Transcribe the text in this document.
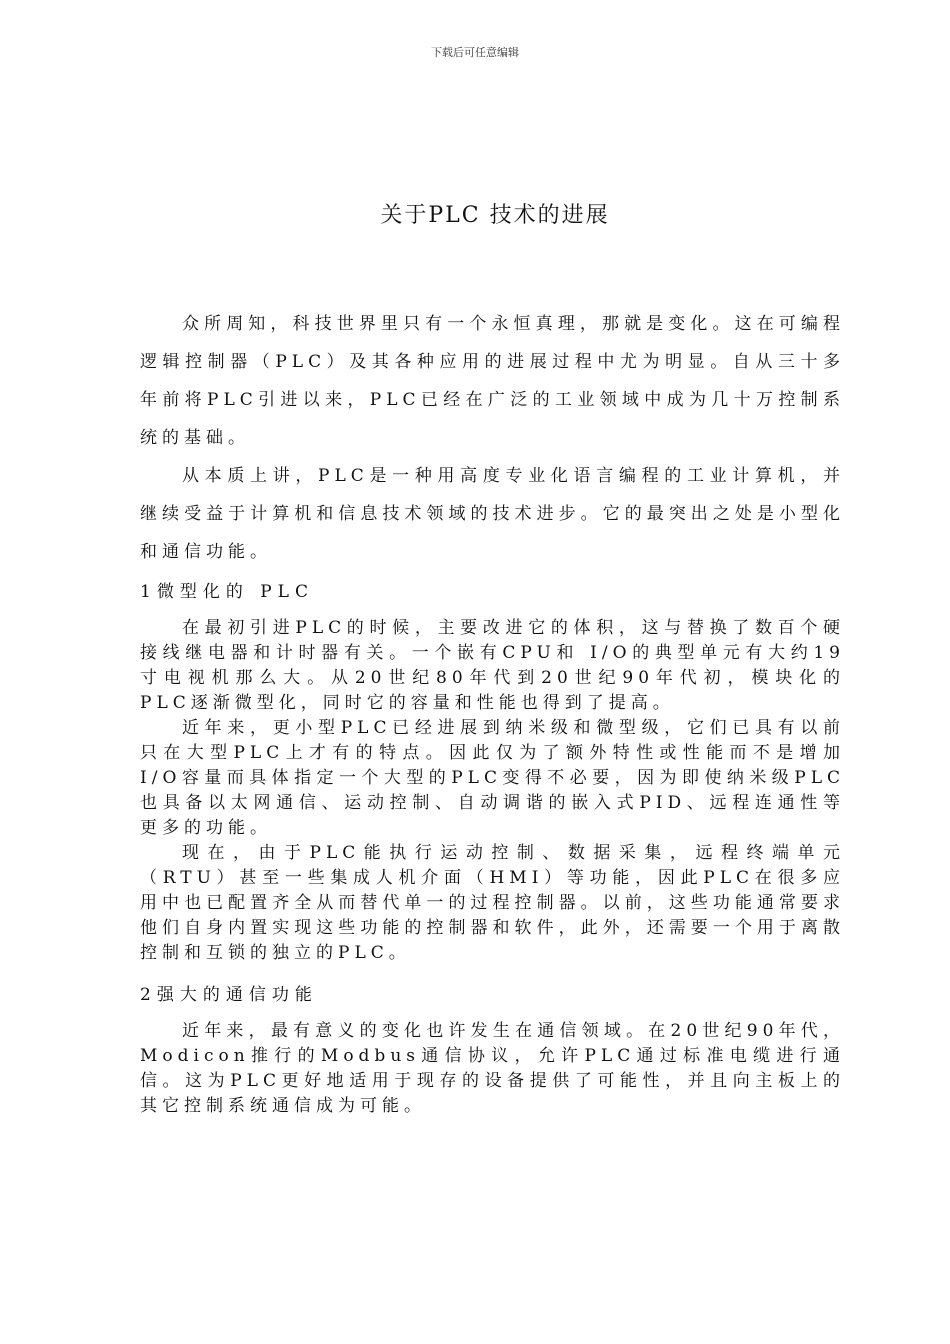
下载后可任意编辑
关于PLC 技术的进展

众所周知，科技世界里只有一个永恒真理，那就是变化。这在可编程逻辑控制器（PLC）及其各种应用的进展过程中尤为明显。自从三十多年前将PLC引进以来，PLC已经在广泛的工业领域中成为几十万控制系统的基础。

从本质上讲，PLC是一种用高度专业化语言编程的工业计算机，并继续受益于计算机和信息技术领域的技术进步。它的最突出之处是小型化和通信功能。

1微型化的 PLC

在最初引进PLC的时候，主要改进它的体积，这与替换了数百个硬接线继电器和计时器有关。一个嵌有CPU和 I/O的典型单元有大约19寸电视机那么大。从20世纪80年代到20世纪90年代初，模块化的PLC逐渐微型化，同时它的容量和性能也得到了提高。

近年来，更小型PLC已经进展到纳米级和微型级，它们已具有以前只在大型PLC上才有的特点。因此仅为了额外特性或性能而不是增加I/O容量而具体指定一个大型的PLC变得不必要，因为即使纳米级PLC也具备以太网通信、运动控制、自动调谐的嵌入式PID、远程连通性等更多的功能。

现在，由于PLC能执行运动控制、数据采集，远程终端单元（RTU）甚至一些集成人机介面（HMI）等功能，因此PLC在很多应用中也已配置齐全从而替代单一的过程控制器。以前，这些功能通常要求他们自身内置实现这些功能的控制器和软件，此外，还需要一个用于离散控制和互锁的独立的PLC。

2强大的通信功能

近年来，最有意义的变化也许发生在通信领域。在20世纪90年代，Modicon推行的Modbus通信协议，允许PLC通过标准电缆进行通信。这为PLC更好地适用于现存的设备提供了可能性，并且向主板上的其它控制系统通信成为可能。
